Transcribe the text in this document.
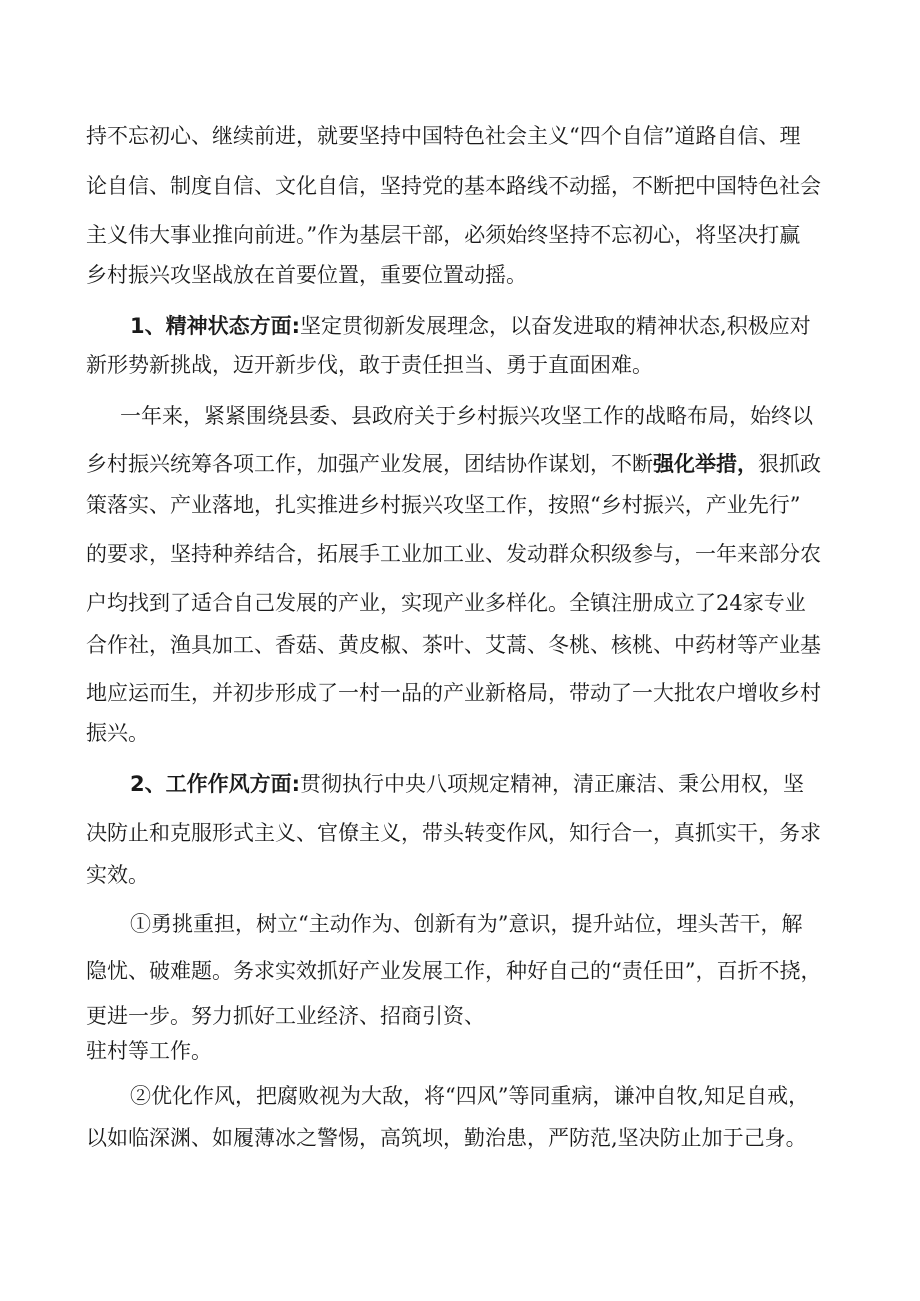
持不忘初心、继续前进，就要坚持中国特色社会主义“四个自信”道路自信、理
论自信、制度自信、文化自信，坚持党的基本路线不动摇，不断把中国特色社会
主义伟大事业推向前进。”作为基层干部，必须始终坚持不忘初心，将坚决打赢
乡村振兴攻坚战放在首要位置，重要位置动摇。
1、精神状态方面:坚定贯彻新发展理念，以奋发进取的精神状态,积极应对
新形势新挑战，迈开新步伐，敢于责任担当、勇于直面困难。
一年来，紧紧围绕县委、县政府关于乡村振兴攻坚工作的战略布局，始终以
乡村振兴统筹各项工作，加强产业发展，团结协作谋划，不断强化举措，狠抓政
策落实、产业落地，扎实推进乡村振兴攻坚工作，按照“乡村振兴，产业先行”
的要求，坚持种养结合，拓展手工业加工业、发动群众积级参与，一年来部分农
户均找到了适合自己发展的产业，实现产业多样化。全镇注册成立了24家专业
合作社，渔具加工、香菇、黄皮椒、茶叶、艾蒿、冬桃、核桃、中药材等产业基
地应运而生，并初步形成了一村一品的产业新格局，带动了一大批农户增收乡村
振兴。
2、工作作风方面:贯彻执行中央八项规定精神，清正廉洁、秉公用权，坚
决防止和克服形式主义、官僚主义，带头转变作风，知行合一，真抓实干，务求
实效。
①勇挑重担，树立“主动作为、创新有为”意识，提升站位，埋头苦干，解
隐忧、破难题。务求实效抓好产业发展工作，种好自己的“责任田”，百折不挠，
更进一步。努力抓好工业经济、招商引资、
驻村等工作。
②优化作风，把腐败视为大敌，将“四风”等同重病，谦冲自牧,知足自戒，
以如临深渊、如履薄冰之警惕，高筑坝，勤治患，严防范,坚决防止加于己身。
